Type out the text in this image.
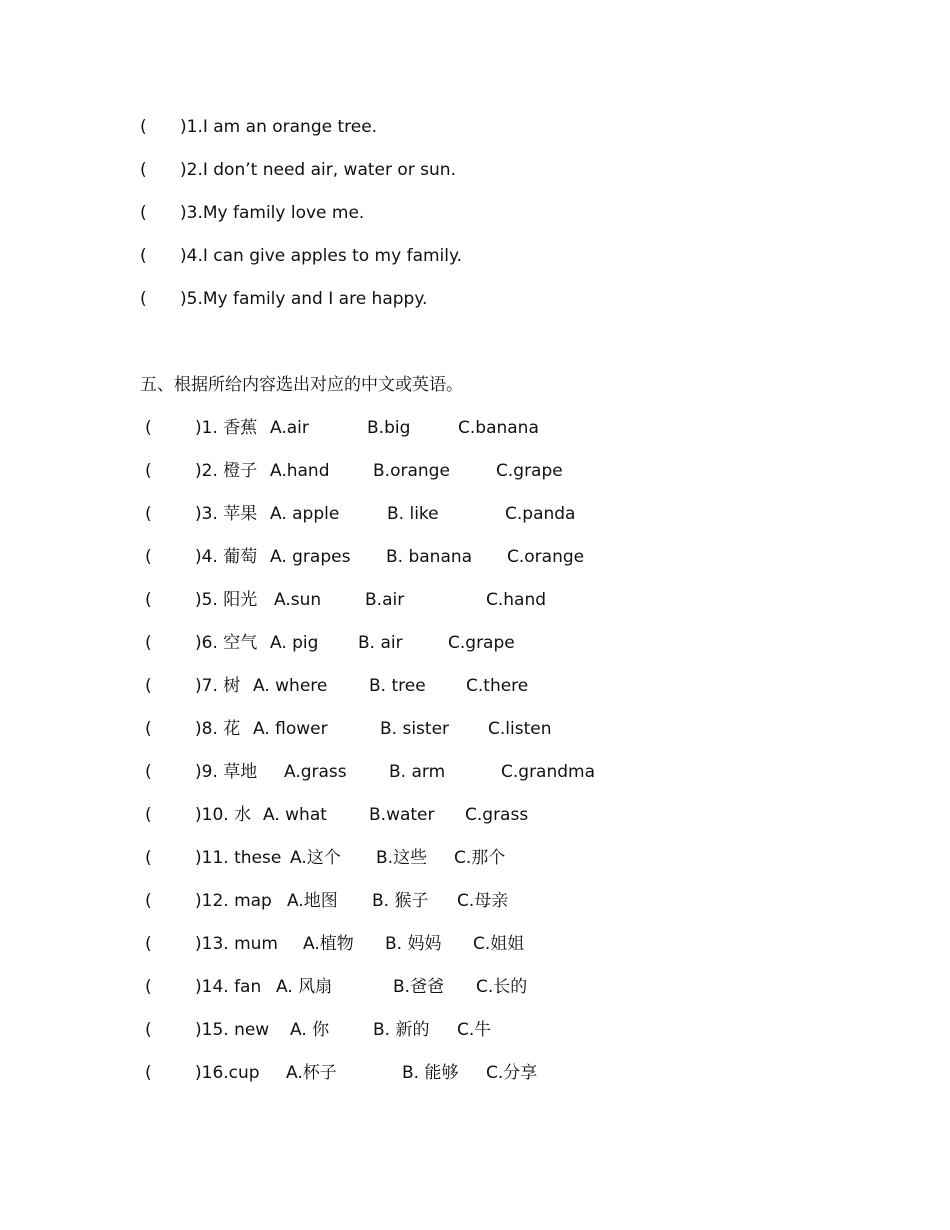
( )1.I am an orange tree.
( )2.I don’t need air, water or sun.
( )3.My family love me.
( )4.I can give apples to my family.
( )5.My family and I are happy.
五、根据所给内容选出对应的中文或英语。
(	)1. 香蕉 A.air	B.big	C.banana
(	)2. 橙子 A.hand	B.orange	C.grape
(	)3. 苹果 A. apple	B. like	C.panda
(	)4. 葡萄 A. grapes B. banana C.orange
(	)5. 阳光 A.sun	B.air	C.hand
(	)6. 空气 A. pig B. air	C.grape
(	)7. 树 A. where B. tree C.there
(	)8. 花 A. flower	B. sister C.listen
(	)9. 草地 A.grass B. arm	C.grandma
(	)10. 水 A. what B.water C.grass
(	)11. these A.这个 B.这些 C.那个
(	)12. map A.地图 B. 猴子 C.母亲
(	)13. mum A.植物 B. 妈妈 C.姐姐
(	)14. fan A. 风扇	B.爸爸 C.长的
(	)15. new A. 你	B. 新的 C.牛
(	)16.cup A.杯子	B. 能够 C.分享
